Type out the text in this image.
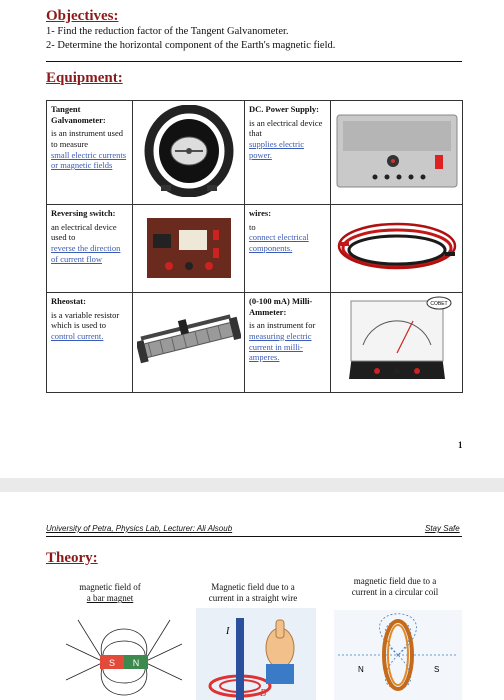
Objectives:
1- Find the reduction factor of the Tangent Galvanometer.
2- Determine the horizontal component of the Earth's magnetic field.
Equipment:
Tangent Galvanometer:
is an instrument used to measure
small electric currents or magnetic fields		DC. Power Supply:
is an electrical device that
supplies electric power.

Reversing switch:
an electrical device used to
reverse the direction of current flow		wires:
to
connect electrical components.

Rheostat:
is a variable resistor which is used to
control current.		(0-100 mA) Milli-Ammeter:
is an instrument for
measuring electric current in milli-amperes.	COBET
1
University of Petra, Physics Lab, Lecturer: Ali Alsoub	Stay Safe
Theory:
magnetic field of
a bar magnet
Magnetic field due to a
current in a straight wire
magnetic field due to a
current in a circular coil
S N
I
B
N	S
